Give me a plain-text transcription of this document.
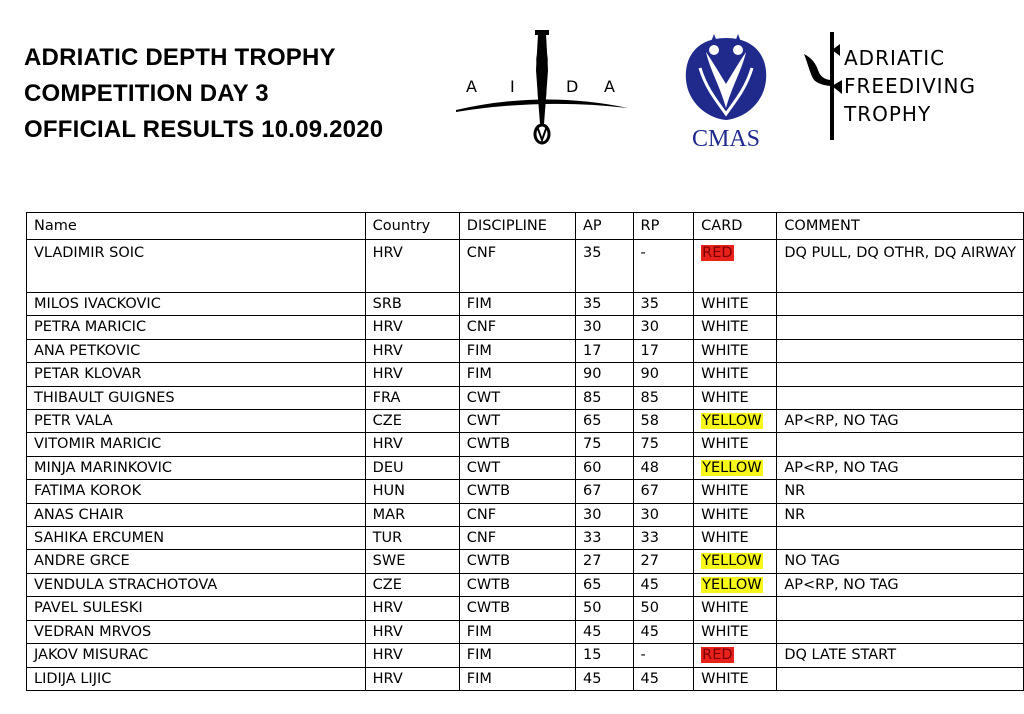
ADRIATIC DEPTH TROPHY
COMPETITION DAY 3
OFFICIAL RESULTS 10.09.2020
A I	D A
CMAS
ADRIATIC
FREEDIVING
TROPHY
Name	Country	DISCIPLINE	AP	RP	CARD	COMMENT
VLADIMIR SOIC	HRV	CNF	35	-	RED	DQ PULL, DQ OTHR, DQ AIRWAY
MILOS IVACKOVIC	SRB	FIM	35	35	WHITE	
PETRA MARICIC	HRV	CNF	30	30	WHITE	
ANA PETKOVIC	HRV	FIM	17	17	WHITE	
PETAR KLOVAR	HRV	FIM	90	90	WHITE	
THIBAULT GUIGNES	FRA	CWT	85	85	WHITE	
PETR VALA	CZE	CWT	65	58	YELLOW	AP<RP, NO TAG
VITOMIR MARICIC	HRV	CWTB	75	75	WHITE	
MINJA MARINKOVIC	DEU	CWT	60	48	YELLOW	AP<RP, NO TAG
FATIMA KOROK	HUN	CWTB	67	67	WHITE	NR
ANAS CHAIR	MAR	CNF	30	30	WHITE	NR
SAHIKA ERCUMEN	TUR	CNF	33	33	WHITE	
ANDRE GRCE	SWE	CWTB	27	27	YELLOW	NO TAG
VENDULA STRACHOTOVA	CZE	CWTB	65	45	YELLOW	AP<RP, NO TAG
PAVEL SULESKI	HRV	CWTB	50	50	WHITE	
VEDRAN MRVOS	HRV	FIM	45	45	WHITE	
JAKOV MISURAC	HRV	FIM	15	-	RED	DQ LATE START
LIDIJA LIJIC	HRV	FIM	45	45	WHITE	
